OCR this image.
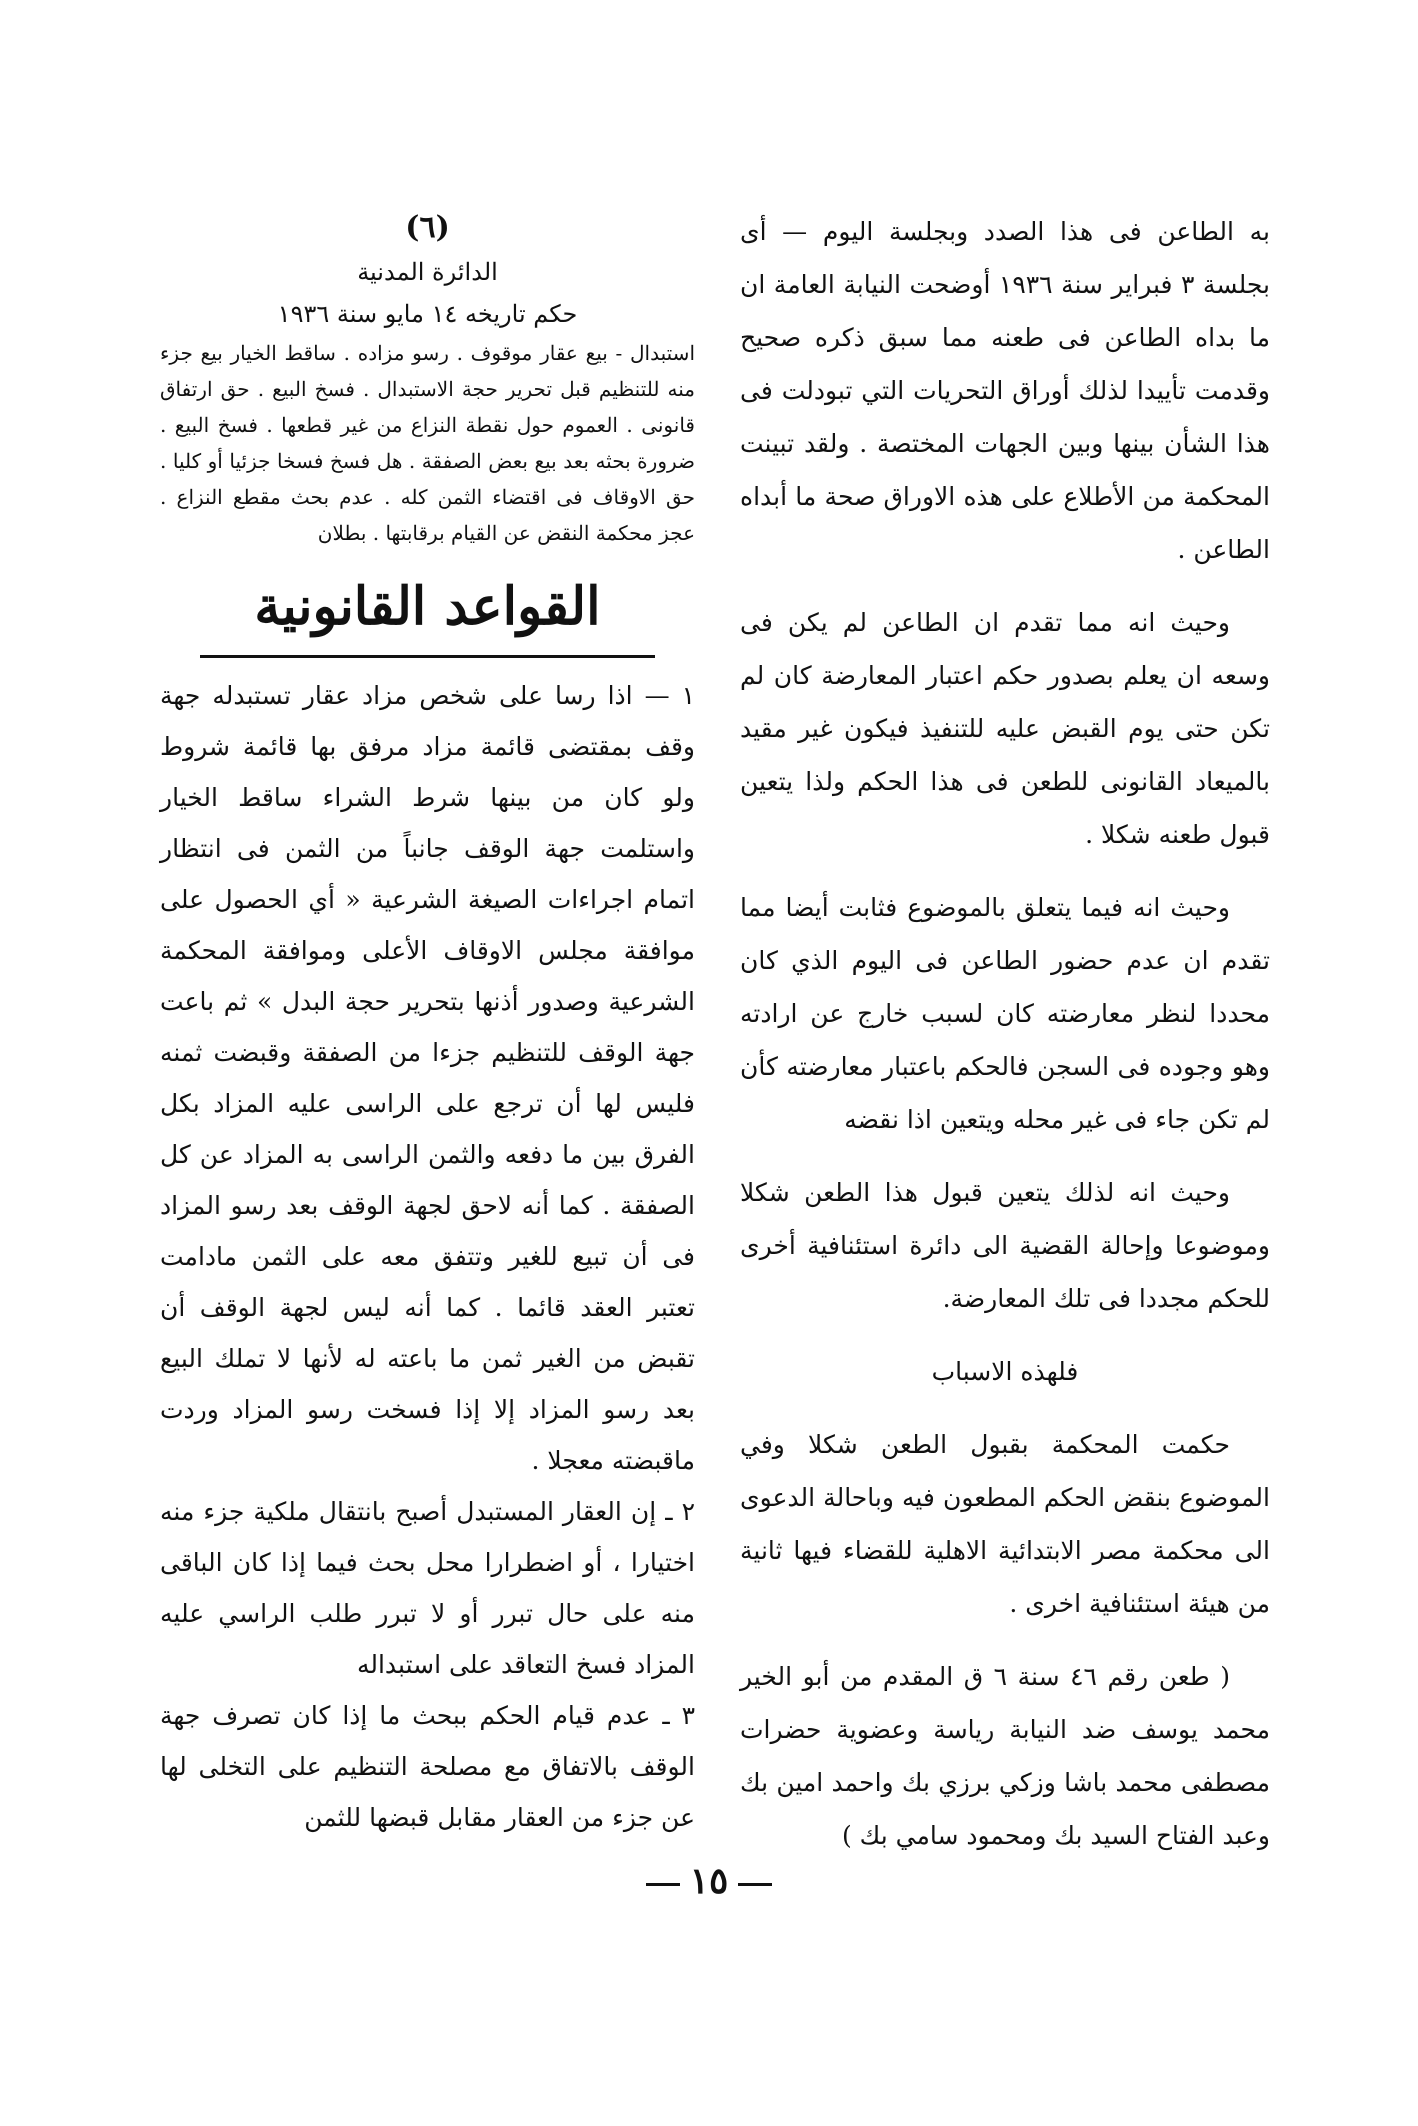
به الطاعن فى هذا الصدد وبجلسة اليوم — أى بجلسة ٣ فبراير سنة ١٩٣٦ أوضحت النيابة العامة ان ما بداه الطاعن فى طعنه مما سبق ذكره صحيح وقدمت تأييدا لذلك أوراق التحريات التي تبودلت فى هذا الشأن بينها وبين الجهات المختصة . ولقد تبينت المحكمة من الأطلاع على هذه الاوراق صحة ما أبداه الطاعن .

وحيث انه مما تقدم ان الطاعن لم يكن فى وسعه ان يعلم بصدور حكم اعتبار المعارضة كان لم تكن حتى يوم القبض عليه للتنفيذ فيكون غير مقيد بالميعاد القانونى للطعن فى هذا الحكم ولذا يتعين قبول طعنه شكلا .

وحيث انه فيما يتعلق بالموضوع فثابت أيضا مما تقدم ان عدم حضور الطاعن فى اليوم الذي كان محددا لنظر معارضته كان لسبب خارج عن ارادته وهو وجوده فى السجن فالحكم باعتبار معارضته كأن لم تكن جاء فى غير محله ويتعين اذا نقضه

وحيث انه لذلك يتعين قبول هذا الطعن شكلا وموضوعا وإحالة القضية الى دائرة استئنافية أخرى للحكم مجددا فى تلك المعارضة.

فلهذه الاسباب

حكمت المحكمة بقبول الطعن شكلا وفي الموضوع بنقض الحكم المطعون فيه وباحالة الدعوى الى محكمة مصر الابتدائية الاهلية للقضاء فيها ثانية من هيئة استئنافية اخرى .

( طعن رقم ٤٦ سنة ٦ ق المقدم من أبو الخير محمد يوسف ضد النيابة رياسة وعضوية حضرات مصطفى محمد باشا وزكي برزي بك واحمد امين بك وعبد الفتاح السيد بك ومحمود سامي بك )

(٦)
الدائرة المدنية
حكم تاريخه ١٤ مايو سنة ١٩٣٦

استبدال - بيع عقار موقوف . رسو مزاده . ساقط الخيار بيع جزء منه للتنظيم قبل تحرير حجة الاستبدال . فسخ البيع . حق ارتفاق قانونى . العموم حول نقطة النزاع من غير قطعها . فسخ البيع . ضرورة بحثه بعد بيع بعض الصفقة . هل فسخ فسخا جزئيا أو كليا . حق الاوقاف فى اقتضاء الثمن كله . عدم بحث مقطع النزاع . عجز محكمة النقض عن القيام برقابتها . بطلان

القواعد القانونية

١ — اذا رسا على شخص مزاد عقار تستبدله جهة وقف بمقتضى قائمة مزاد مرفق بها قائمة شروط ولو كان من بينها شرط الشراء ساقط الخيار واستلمت جهة الوقف جانباً من الثمن فى انتظار اتمام اجراءات الصيغة الشرعية « أي الحصول على موافقة مجلس الاوقاف الأعلى وموافقة المحكمة الشرعية وصدور أذنها بتحرير حجة البدل » ثم باعت جهة الوقف للتنظيم جزءا من الصفقة وقبضت ثمنه فليس لها أن ترجع على الراسى عليه المزاد بكل الفرق بين ما دفعه والثمن الراسى به المزاد عن كل الصفقة . كما أنه لاحق لجهة الوقف بعد رسو المزاد فى أن تبيع للغير وتتفق معه على الثمن مادامت تعتبر العقد قائما . كما أنه ليس لجهة الوقف أن تقبض من الغير ثمن ما باعته له لأنها لا تملك البيع بعد رسو المزاد إلا إذا فسخت رسو المزاد وردت ماقبضته معجلا .

٢ ـ إن العقار المستبدل أصبح بانتقال ملكية جزء منه اختيارا ، أو اضطرارا محل بحث فيما إذا كان الباقى منه على حال تبرر أو لا تبرر طلب الراسي عليه المزاد فسخ التعاقد على استبداله

٣ ـ عدم قيام الحكم ببحث ما إذا كان تصرف جهة الوقف بالاتفاق مع مصلحة التنظيم على التخلى لها عن جزء من العقار مقابل قبضها للثمن

١٥
